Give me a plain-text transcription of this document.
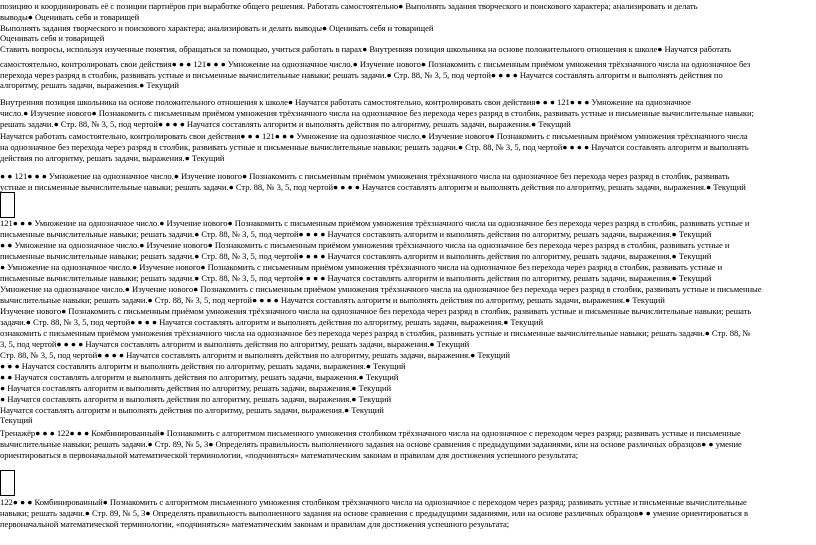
позицию и координировать её с позиции партнёров при выработке общего решения. Работать самостоятельно● Выполнять задания творческого и поискового характера; анализировать и делать
выводы● Оценивать себя и товарищей
Выполнять задания творческого и поискового характера; анализировать и делать выводы● Оценивать себя и товарищей
Оценивать себя и товарищей
Ставить вопросы, используя изученные понятия, обращаться за помощью, учиться работать в парах● Внутренняя позиция школьника на основе положительного отношения к школе● Научатся работать
самостоятельно, контролировать свои действия● ● ● 121● ● ● Умножение на однозначное число.● Изучение нового● Познакомить с письменным приёмом умножения трёхзначного числа на однозначное без
перехода через разряд в столбик, развивать устные и письменные вычислительные навыки; решать задачи.● Стр. 88, № 3, 5, под чертой● ● ● ● Научатся составлять алгоритм и выполнять действия по
алгоритму, решать задачи, выражения.● Текущий
Внутренняя позиция школьника на основе положительного отношения к школе● Научатся работать самостоятельно, контролировать свои действия● ● ● 121● ● ● Умножение на однозначное
число.● Изучение нового● Познакомить с письменным приёмом умножения трёхзначного числа на однозначное без перехода через разряд в столбик, развивать устные и письменные вычислительные навыки;
решать задачи.● Стр. 88, № 3, 5, под чертой● ● ● ● Научатся составлять алгоритм и выполнять действия по алгоритму, решать задачи, выражения.● Текущий
Научатся работать самостоятельно, контролировать свои действия● ● ● 121● ● ● Умножение на однозначное число.● Изучение нового● Познакомить с письменным приёмом умножения трёхзначного числа
на однозначное без перехода через разряд в столбик, развивать устные и письменные вычислительные навыки; решать задачи.● Стр. 88, № 3, 5, под чертой● ● ● ● Научатся составлять алгоритм и выполнять
действия по алгоритму, решать задачи, выражения.● Текущий
● ● 121● ● ● Умножение на однозначное число.● Изучение нового● Познакомить с письменным приёмом умножения трёхзначного числа на однозначное без перехода через разряд в столбик, развивать
устные и письменные вычислительные навыки; решать задачи.● Стр. 88, № 3, 5, под чертой● ● ● ● Научатся составлять алгоритм и выполнять действия по алгоритму, решать задачи, выражения.● Текущий
121● ● ● Умножение на однозначное число.● Изучение нового● Познакомить с письменным приёмом умножения трёхзначного числа на однозначное без перехода через разряд в столбик, развивать устные и
письменные вычислительные навыки; решать задачи.● Стр. 88, № 3, 5, под чертой● ● ● ● Научатся составлять алгоритм и выполнять действия по алгоритму, решать задачи, выражения.● Текущий
● ● Умножение на однозначное число.● Изучение нового● Познакомить с письменным приёмом умножения трёхзначного числа на однозначное без перехода через разряд в столбик, развивать устные и
письменные вычислительные навыки; решать задачи.● Стр. 88, № 3, 5, под чертой● ● ● ● Научатся составлять алгоритм и выполнять действия по алгоритму, решать задачи, выражения.● Текущий
● Умножение на однозначное число.● Изучение нового● Познакомить с письменным приёмом умножения трёхзначного числа на однозначное без перехода через разряд в столбик, развивать устные и
письменные вычислительные навыки; решать задачи.● Стр. 88, № 3, 5, под чертой● ● ● ● Научатся составлять алгоритм и выполнять действия по алгоритму, решать задачи, выражения.● Текущий
Умножение на однозначное число.● Изучение нового● Познакомить с письменным приёмом умножения трёхзначного числа на однозначное без перехода через разряд в столбик, развивать устные и письменные
вычислительные навыки; решать задачи.● Стр. 88, № 3, 5, под чертой● ● ● ● Научатся составлять алгоритм и выполнять действия по алгоритму, решать задачи, выражения.● Текущий
Изучение нового● Познакомить с письменным приёмом умножения трёхзначного числа на однозначное без перехода через разряд в столбик, развивать устные и письменные вычислительные навыки; решать
задачи.● Стр. 88, № 3, 5, под чертой● ● ● ● Научатся составлять алгоритм и выполнять действия по алгоритму, решать задачи, выражения.● Текущий
ознакомить с письменным приёмом умножения трёхзначного числа на однозначное без перехода через разряд в столбик, развивать устные и письменные вычислительные навыки; решать задачи.● Стр. 88, №
3, 5, под чертой● ● ● ● Научатся составлять алгоритм и выполнять действия по алгоритму, решать задачи, выражения.● Текущий
Стр. 88, № 3, 5, под чертой● ● ● ● Научатся составлять алгоритм и выполнять действия по алгоритму, решать задачи, выражения.● Текущий
● ● ● Научатся составлять алгоритм и выполнять действия по алгоритму, решать задачи, выражения.● Текущий
● ● Научатся составлять алгоритм и выполнять действия по алгоритму, решать задачи, выражения.● Текущий
● Научатся составлять алгоритм и выполнять действия по алгоритму, решать задачи, выражения.● Текущий
● Научатся составлять алгоритм и выполнять действия по алгоритму, решать задачи, выражения.● Текущий
Научатся составлять алгоритм и выполнять действия по алгоритму, решать задачи, выражения.● Текущий
Текущий
Тренажёр● ● ● 122● ● ● Комбинированный● Познакомить с алгоритмом письменного умножения столбиком трёхзначного числа на однозначное с переходом через разряд; развивать устные и письменные
вычислительные навыки; решать задачи.● Стр. 89, № 5, 3● Определять правильность выполненного задания на основе сравнения с предыдущими заданиями, или на основе различных образцов● ● умение
ориентироваться в первоначальной математической терминологии, «подчиняться» математическим законам и правилам для достижения успешного результата;
122● ● ● Комбинированный● Познакомить с алгоритмом письменного умножения столбиком трёхзначного числа на однозначное с переходом через разряд; развивать устные и письменные вычислительные
навыки; решать задачи.● Стр. 89, № 5, 3● Определять правильность выполненного задания на основе сравнения с предыдущими заданиями, или на основе различных образцов● ● умение ориентироваться в
первоначальной математической терминологии, «подчиняться» математическим законам и правилам для достижения успешного результата;
